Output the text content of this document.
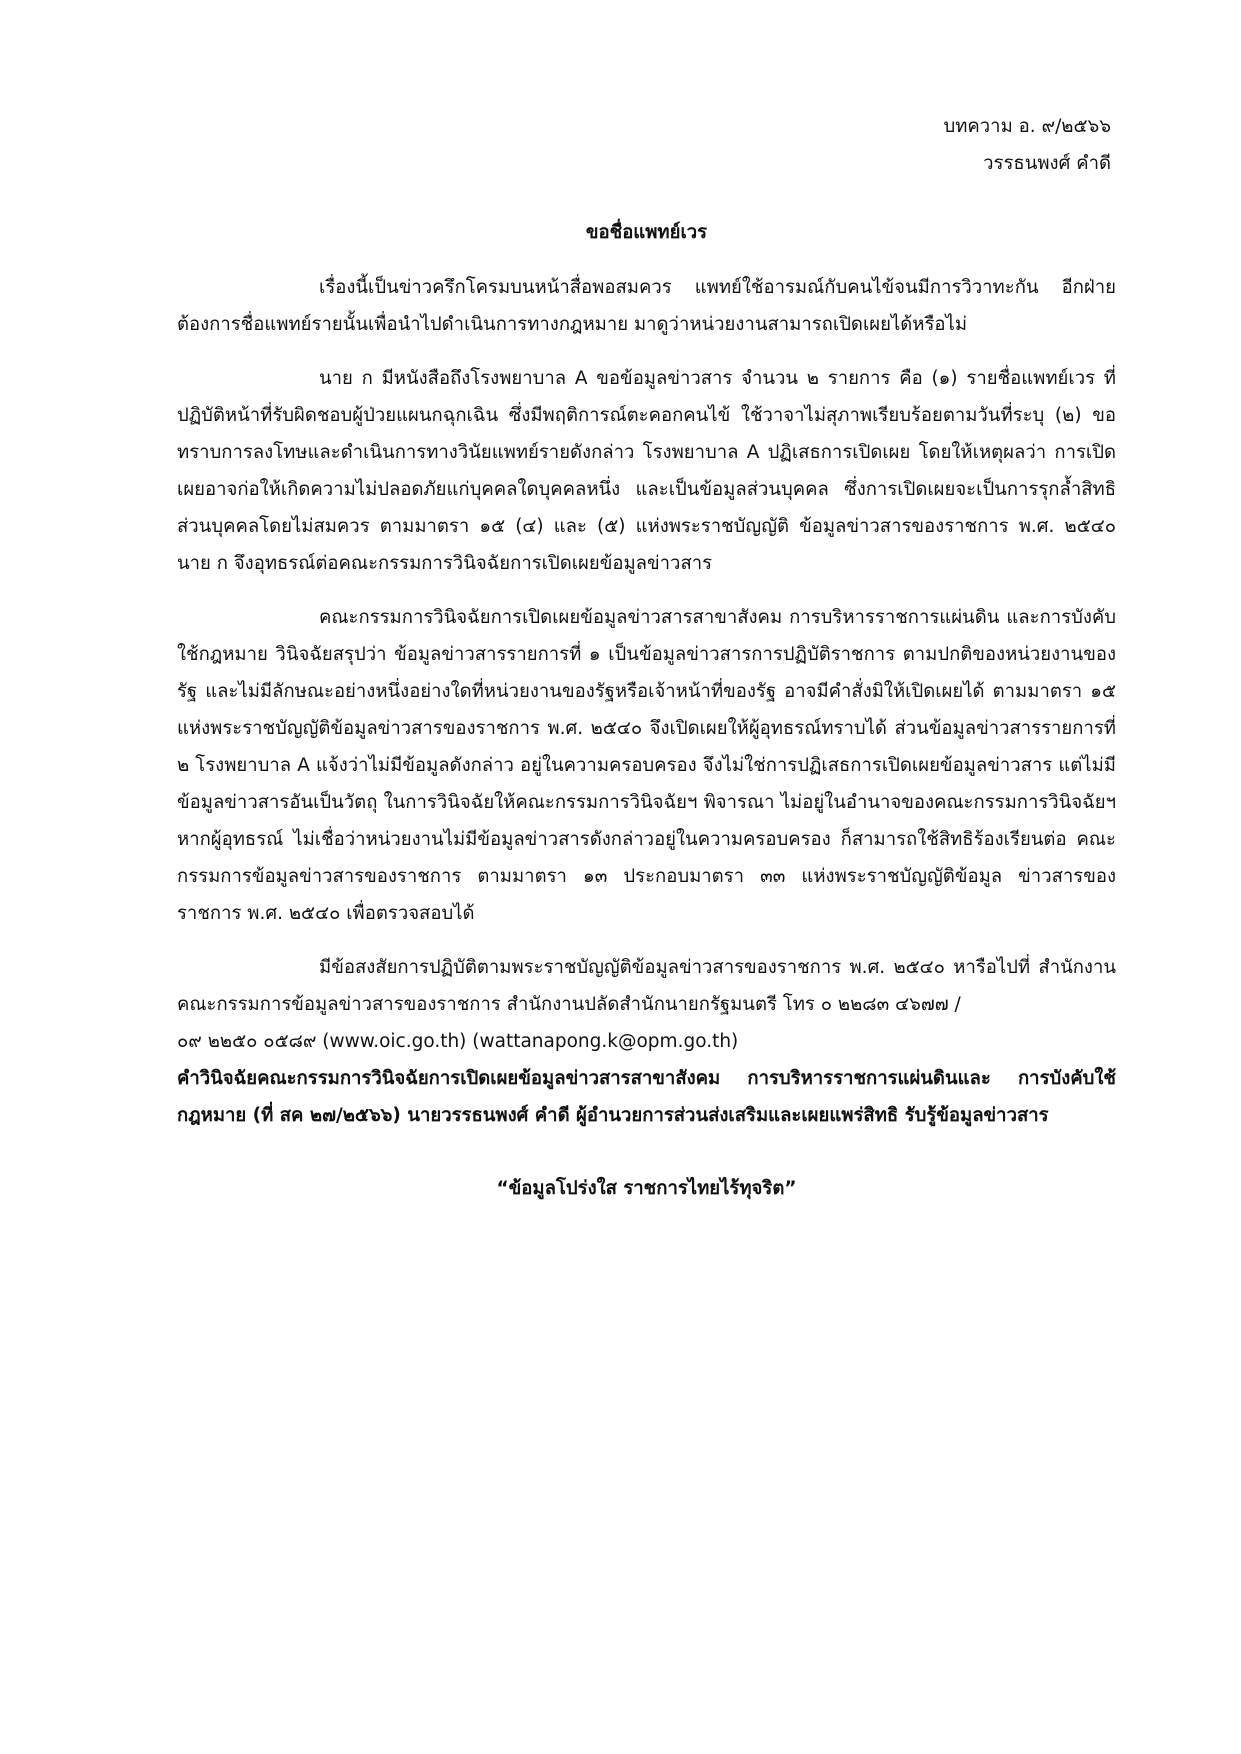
บทความ อ. ๙/๒๕๖๖
วรรธนพงศ์ คำดี
ขอชื่อแพทย์เวร

เรื่องนี้เป็นข่าวครึกโครมบนหน้าสื่อพอสมควร แพทย์ใช้อารมณ์กับคนไข้จนมีการวิวาทะกัน อีกฝ่ายต้องการชื่อแพทย์รายนั้นเพื่อนำไปดำเนินการทางกฎหมาย มาดูว่าหน่วยงานสามารถเปิดเผยได้หรือไม่

นาย ก มีหนังสือถึงโรงพยาบาล A ขอข้อมูลข่าวสาร จำนวน ๒ รายการ คือ (๑) รายชื่อแพทย์เวร ที่ปฏิบัติหน้าที่รับผิดชอบผู้ป่วยแผนกฉุกเฉิน ซึ่งมีพฤติการณ์ตะคอกคนไข้ ใช้วาจาไม่สุภาพเรียบร้อยตามวันที่ระบุ (๒) ขอทราบการลงโทษและดำเนินการทางวินัยแพทย์รายดังกล่าว โรงพยาบาล A ปฏิเสธการเปิดเผย โดยให้เหตุผลว่า การเปิดเผยอาจก่อให้เกิดความไม่ปลอดภัยแก่บุคคลใดบุคคลหนึ่ง และเป็นข้อมูลส่วนบุคคล ซึ่งการเปิดเผยจะเป็นการรุกล้ำสิทธิส่วนบุคคลโดยไม่สมควร ตามมาตรา ๑๕ (๔) และ (๕) แห่งพระราชบัญญัติ ข้อมูลข่าวสารของราชการ พ.ศ. ๒๕๔๐ นาย ก จึงอุทธรณ์ต่อคณะกรรมการวินิจฉัยการเปิดเผยข้อมูลข่าวสาร

คณะกรรมการวินิจฉัยการเปิดเผยข้อมูลข่าวสารสาขาสังคม การบริหารราชการแผ่นดิน และการบังคับใช้กฎหมาย วินิจฉัยสรุปว่า ข้อมูลข่าวสารรายการที่ ๑ เป็นข้อมูลข่าวสารการปฏิบัติราชการ ตามปกติของหน่วยงานของรัฐ และไม่มีลักษณะอย่างหนึ่งอย่างใดที่หน่วยงานของรัฐหรือเจ้าหน้าที่ของรัฐ อาจมีคำสั่งมิให้เปิดเผยได้ ตามมาตรา ๑๕ แห่งพระราชบัญญัติข้อมูลข่าวสารของราชการ พ.ศ. ๒๕๔๐ จึงเปิดเผยให้ผู้อุทธรณ์ทราบได้ ส่วนข้อมูลข่าวสารรายการที่ ๒ โรงพยาบาล A แจ้งว่าไม่มีข้อมูลดังกล่าว อยู่ในความครอบครอง จึงไม่ใช่การปฏิเสธการเปิดเผยข้อมูลข่าวสาร แต่ไม่มีข้อมูลข่าวสารอันเป็นวัตถุ ในการวินิจฉัยให้คณะกรรมการวินิจฉัยฯ พิจารณา ไม่อยู่ในอำนาจของคณะกรรมการวินิจฉัยฯ หากผู้อุทธรณ์ ไม่เชื่อว่าหน่วยงานไม่มีข้อมูลข่าวสารดังกล่าวอยู่ในความครอบครอง ก็สามารถใช้สิทธิร้องเรียนต่อ คณะกรรมการข้อมูลข่าวสารของราชการ ตามมาตรา ๑๓ ประกอบมาตรา ๓๓ แห่งพระราชบัญญัติข้อมูล ข่าวสารของราชการ พ.ศ. ๒๕๔๐ เพื่อตรวจสอบได้

มีข้อสงสัยการปฏิบัติตามพระราชบัญญัติข้อมูลข่าวสารของราชการ พ.ศ. ๒๕๔๐ หารือไปที่ สำนักงานคณะกรรมการข้อมูลข่าวสารของราชการ สำนักงานปลัดสำนักนายกรัฐมนตรี โทร ๐ ๒๒๘๓ ๔๖๗๗ /

๐๙ ๒๒๕๐ ๐๕๘๙ (www.oic.go.th) (wattanapong.k@opm.go.th)

คำวินิจฉัยคณะกรรมการวินิจฉัยการเปิดเผยข้อมูลข่าวสารสาขาสังคม การบริหารราชการแผ่นดินและ การบังคับใช้กฎหมาย (ที่ สค ๒๗/๒๕๖๖) นายวรรธนพงศ์ คำดี ผู้อำนวยการส่วนส่งเสริมและเผยแพร่สิทธิ รับรู้ข้อมูลข่าวสาร

“ข้อมูลโปร่งใส ราชการไทยไร้ทุจริต”
